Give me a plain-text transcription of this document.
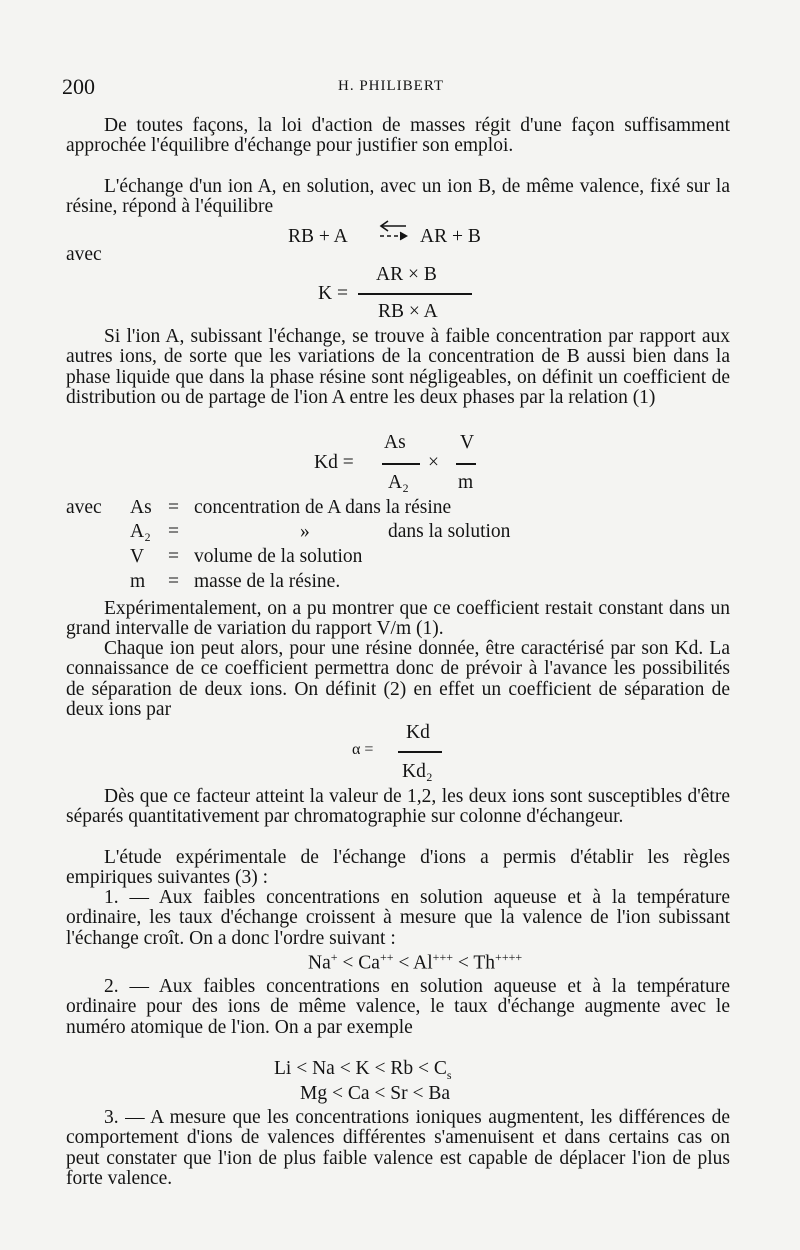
200	H. PHILIBERT
De toutes façons, la loi d'action de masses régit d'une façon suffisamment approchée l'équilibre d'échange pour justifier son emploi.
L'échange d'un ion A, en solution, avec un ion B, de même valence, fixé sur la résine, répond à l'équilibre
RB + A ⇌ AR + B
avec
AR × B
K =
RB × A
Si l'ion A, subissant l'échange, se trouve à faible concentration par rapport aux autres ions, de sorte que les variations de la concentration de B aussi bien dans la phase liquide que dans la phase résine sont négligeables, on définit un coefficient de distribution ou de partage de l'ion A entre les deux phases par la relation (1)
As	V
Kd =	×
A₂	m
avec As = concentration de A dans la résine
A₂ =	»	dans la solution
V = volume de la solution
m = masse de la résine.
Expérimentalement, on a pu montrer que ce coefficient restait constant dans un grand intervalle de variation du rapport V/m (1).
Chaque ion peut alors, pour une résine donnée, être caractérisé par son Kd. La connaissance de ce coefficient permettra donc de prévoir à l'avance les possibilités de séparation de deux ions. On définit (2) en effet un coefficient de séparation de deux ions par
Kd
α =
Kd₂
Dès que ce facteur atteint la valeur de 1,2, les deux ions sont susceptibles d'être séparés quantitativement par chromatographie sur colonne d'échangeur.
L'étude expérimentale de l'échange d'ions a permis d'établir les règles empiriques suivantes (3) :
1. — Aux faibles concentrations en solution aqueuse et à la température ordinaire, les taux d'échange croissent à mesure que la valence de l'ion subissant l'échange croît. On a donc l'ordre suivant :
Na+ < Ca++ < Al+++ < Th++++
2. — Aux faibles concentrations en solution aqueuse et à la température ordinaire pour des ions de même valence, le taux d'échange augmente avec le numéro atomique de l'ion. On a par exemple
$Li < Na < K < Rb < C_s$
Mg < Ca < Sr < Ba
3. — A mesure que les concentrations ioniques augmentent, les différences de comportement d'ions de valences différentes s'amenuisent et dans certains cas on peut constater que l'ion de plus faible valence est capable de déplacer l'ion de plus forte valence.
